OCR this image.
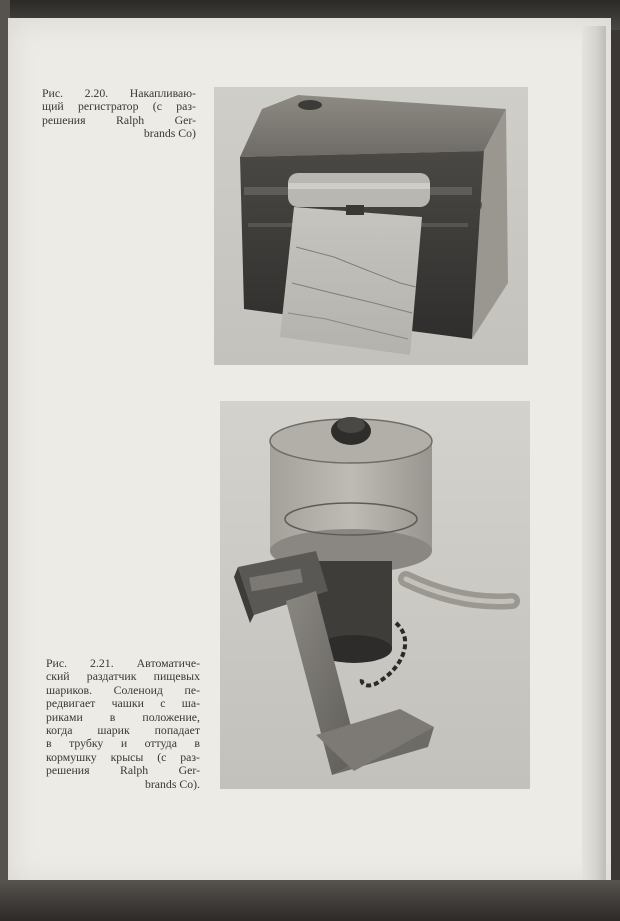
Рис. 2.20. Накапливаю-
щий регистратор (с раз-
решения Ralph Ger-
brands Co)
Рис. 2.21. Автоматиче-
ский раздатчик пищевых
шариков. Соленоид пе-
редвигает чашки с ша-
риками в положение,
когда шарик попадает
в трубку и оттуда в
кормушку крысы (с раз-
решения Ralph Ger-
brands Co).
